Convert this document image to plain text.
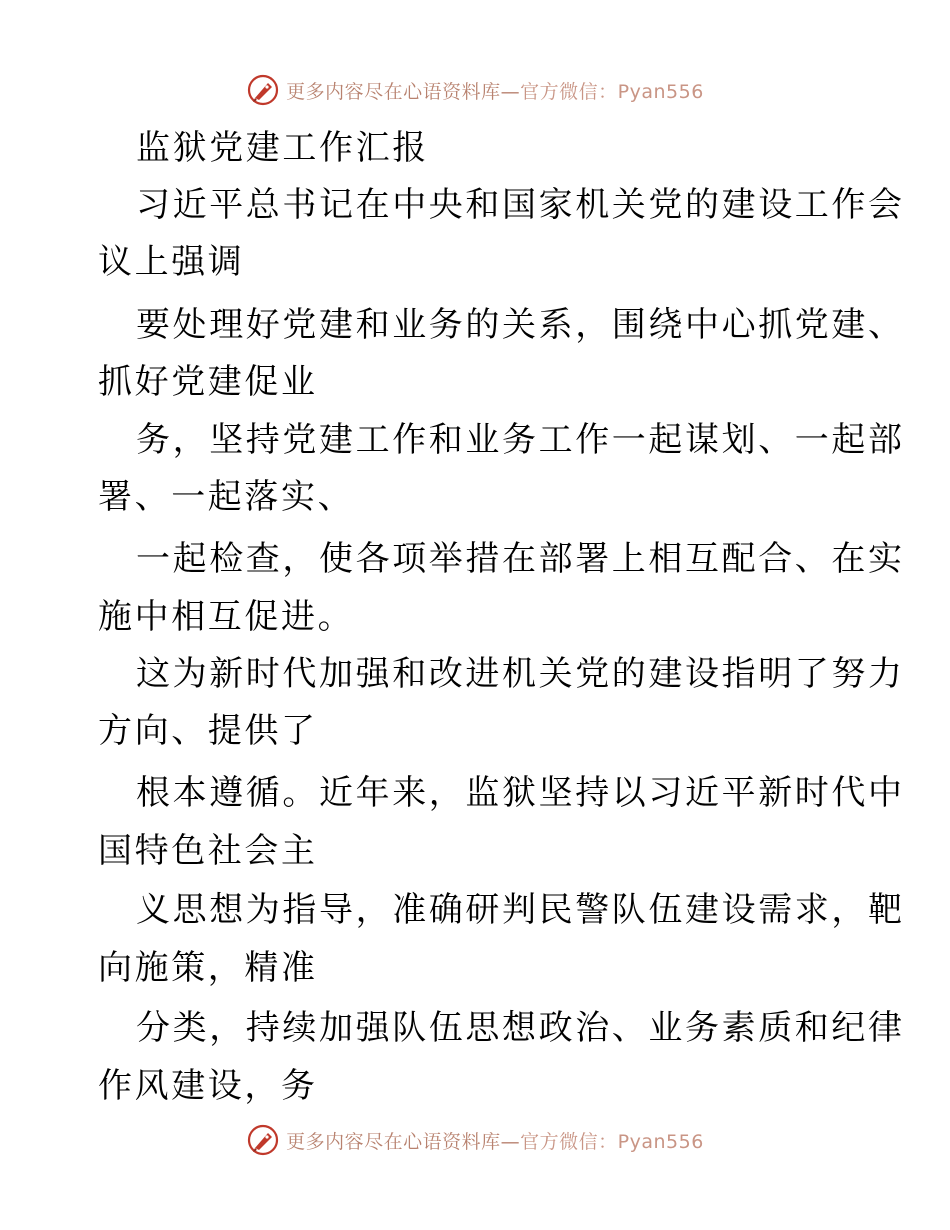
更多内容尽在心语资料库—官方微信：Pyan556
监狱党建工作汇报
习近平总书记在中央和国家机关党的建设工作会
议上强调
要处理好党建和业务的关系，围绕中心抓党建、
抓好党建促业
务，坚持党建工作和业务工作一起谋划、一起部
署、一起落实、
一起检查，使各项举措在部署上相互配合、在实
施中相互促进。
这为新时代加强和改进机关党的建设指明了努力
方向、提供了
根本遵循。近年来，监狱坚持以习近平新时代中
国特色社会主
义思想为指导，准确研判民警队伍建设需求，靶
向施策，精准
分类，持续加强队伍思想政治、业务素质和纪律
作风建设，务
更多内容尽在心语资料库—官方微信：Pyan556
